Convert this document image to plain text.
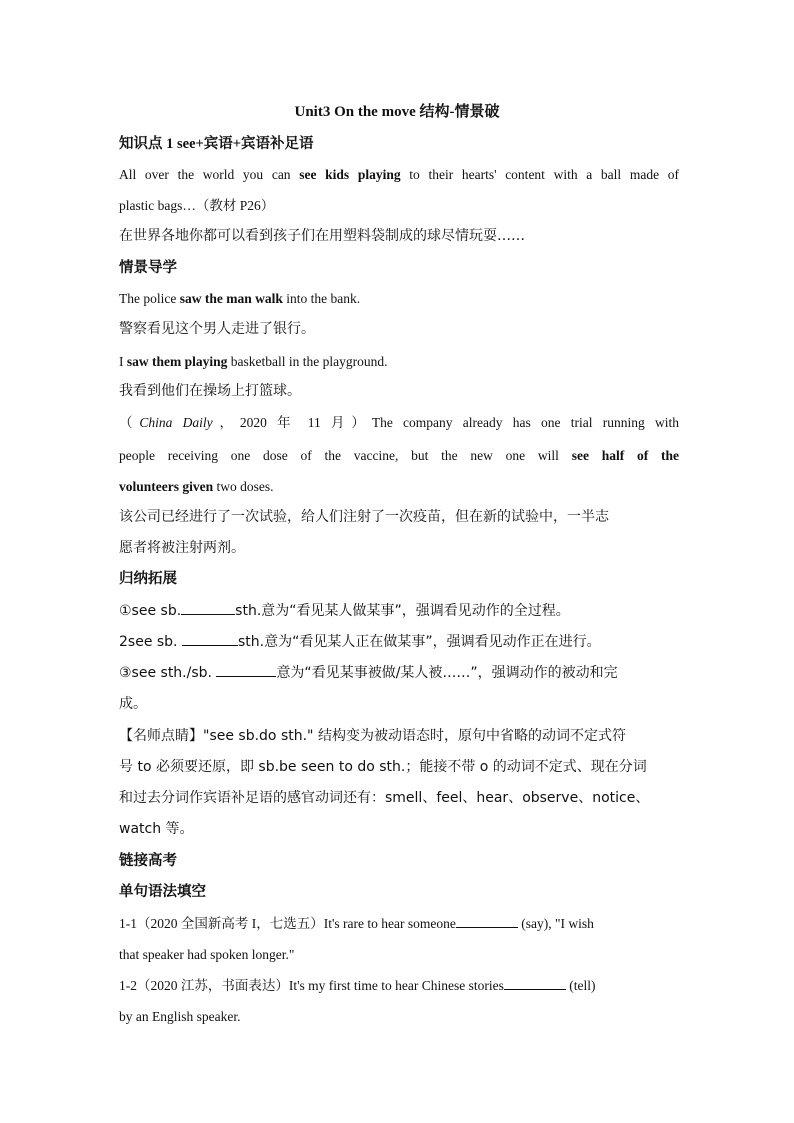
Unit3 On the move 结构-情景破
知识点 1 see+宾语+宾语补足语
All over the world you can see kids playing to their hearts' content with a ball made of
plastic bags…（教材 P26）
在世界各地你都可以看到孩子们在用塑料袋制成的球尽情玩耍……
情景导学
The police saw the man walk into the bank.
警察看见这个男人走进了银行。
I saw them playing basketball in the playground.
我看到他们在操场上打篮球。
（China Daily，2020 年 11 月）The company already has one trial running with
people receiving one dose of the vaccine, but the new one will see half of the
volunteers given two doses.
该公司已经进行了一次试验，给人们注射了一次疫苗，但在新的试验中，一半志
愿者将被注射两剂。
归纳拓展
①see sb.	sth.意为“看见某人做某事”，强调看见动作的全过程。
2see sb.	sth.意为“看见某人正在做某事”，强调看见动作正在进行。
③see sth./sb.	意为“看见某事被做/某人被……”，强调动作的被动和完
成。
【名师点睛】"see sb.do sth." 结构变为被动语态时，原句中省略的动词不定式符
号 to 必须要还原，即 sb.be seen to do sth.；能接不带 o 的动词不定式、现在分词
和过去分词作宾语补足语的感官动词还有：smell、feel、hear、observe、notice、
watch 等。
链接高考
单句语法填空
1-1（2020 全国新高考 I，七选五）It's rare to hear someone	(say), "I wish
that speaker had spoken longer."
1-2（2020 江苏，书面表达）It's my first time to hear Chinese stories	(tell)
by an English speaker.
